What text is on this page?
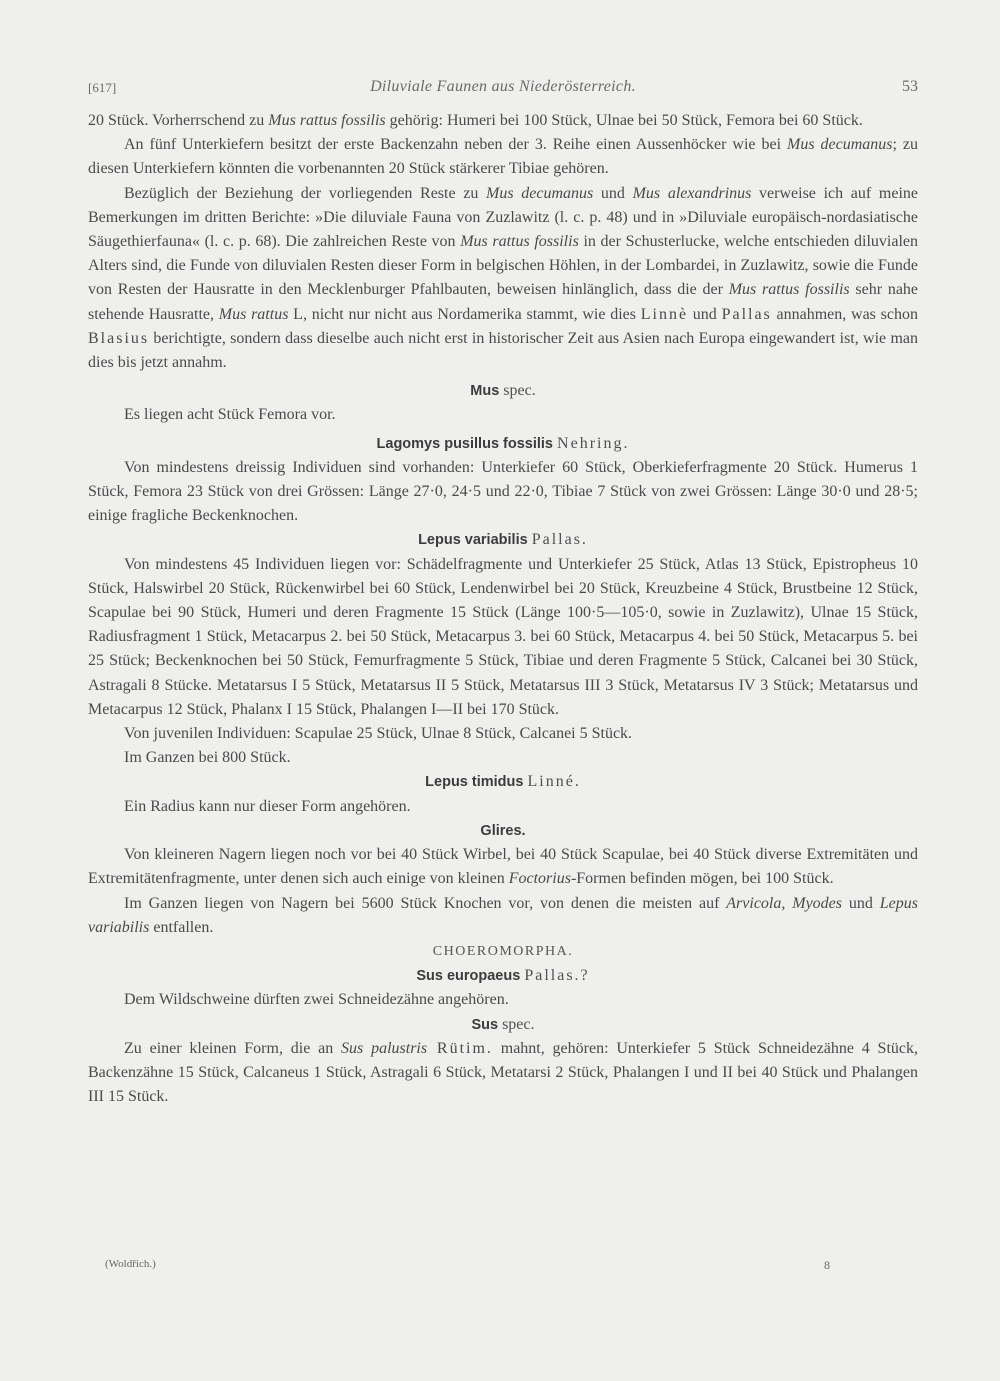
[617]	Diluviale Faunen aus Niederösterreich.	53

20 Stück. Vorherrschend zu Mus rattus fossilis gehörig: Humeri bei 100 Stück, Ulnae bei 50 Stück, Femora bei 60 Stück.

An fünf Unterkiefern besitzt der erste Backenzahn neben der 3. Reihe einen Aussenhöcker wie bei Mus decumanus; zu diesen Unterkiefern könnten die vorbenannten 20 Stück stärkerer Tibiae gehören.

Bezüglich der Beziehung der vorliegenden Reste zu Mus decumanus und Mus alexandrinus verweise ich auf meine Bemerkungen im dritten Berichte: »Die diluviale Fauna von Zuzlawitz (l. c. p. 48) und in »Diluviale europäisch-nordasiatische Säugethierfauna« (l. c. p. 68). Die zahlreichen Reste von Mus rattus fossilis in der Schusterlucke, welche entschieden diluvialen Alters sind, die Funde von diluvialen Resten dieser Form in belgischen Höhlen, in der Lombardei, in Zuzlawitz, sowie die Funde von Resten der Hausratte in den Mecklenburger Pfahlbauten, beweisen hinlänglich, dass die der Mus rattus fossilis sehr nahe stehende Hausratte, Mus rattus L, nicht nur nicht aus Nordamerika stammt, wie dies Linnè und Pallas annahmen, was schon Blasius berichtigte, sondern dass dieselbe auch nicht erst in historischer Zeit aus Asien nach Europa eingewandert ist, wie man dies bis jetzt annahm.

Mus spec.

Es liegen acht Stück Femora vor.

Lagomys pusillus fossilis Nehring.

Von mindestens dreissig Individuen sind vorhanden: Unterkiefer 60 Stück, Oberkieferfragmente 20 Stück. Humerus 1 Stück, Femora 23 Stück von drei Grössen: Länge 27·0, 24·5 und 22·0, Tibiae 7 Stück von zwei Grössen: Länge 30·0 und 28·5; einige fragliche Beckenknochen.

Lepus variabilis Pallas.

Von mindestens 45 Individuen liegen vor: Schädelfragmente und Unterkiefer 25 Stück, Atlas 13 Stück, Epistropheus 10 Stück, Halswirbel 20 Stück, Rückenwirbel bei 60 Stück, Lendenwirbel bei 20 Stück, Kreuzbeine 4 Stück, Brustbeine 12 Stück, Scapulae bei 90 Stück, Humeri und deren Fragmente 15 Stück (Länge 100·5—105·0, sowie in Zuzlawitz), Ulnae 15 Stück, Radiusfragment 1 Stück, Metacarpus 2. bei 50 Stück, Metacarpus 3. bei 60 Stück, Metacarpus 4. bei 50 Stück, Metacarpus 5. bei 25 Stück; Beckenknochen bei 50 Stück, Femurfragmente 5 Stück, Tibiae und deren Fragmente 5 Stück, Calcanei bei 30 Stück, Astragali 8 Stücke. Metatarsus I 5 Stück, Metatarsus II 5 Stück, Metatarsus III 3 Stück, Metatarsus IV 3 Stück; Metatarsus und Metacarpus 12 Stück, Phalanx I 15 Stück, Phalangen I—II bei 170 Stück.

Von juvenilen Individuen: Scapulae 25 Stück, Ulnae 8 Stück, Calcanei 5 Stück.

Im Ganzen bei 800 Stück.

Lepus timidus Linné.

Ein Radius kann nur dieser Form angehören.

Glires.

Von kleineren Nagern liegen noch vor bei 40 Stück Wirbel, bei 40 Stück Scapulae, bei 40 Stück diverse Extremitäten und Extremitätenfragmente, unter denen sich auch einige von kleinen Foctorius-Formen befinden mögen, bei 100 Stück.

Im Ganzen liegen von Nagern bei 5600 Stück Knochen vor, von denen die meisten auf Arvicola, Myodes und Lepus variabilis entfallen.

CHOEROMORPHA.

Sus europaeus Pallas.?

Dem Wildschweine dürften zwei Schneidezähne angehören.

Sus spec.

Zu einer kleinen Form, die an Sus palustris Rütim. mahnt, gehören: Unterkiefer 5 Stück Schneidezähne 4 Stück, Backenzähne 15 Stück, Calcaneus 1 Stück, Astragali 6 Stück, Metatarsi 2 Stück, Phalangen I und II bei 40 Stück und Phalangen III 15 Stück.

(Woldřich.)	8
